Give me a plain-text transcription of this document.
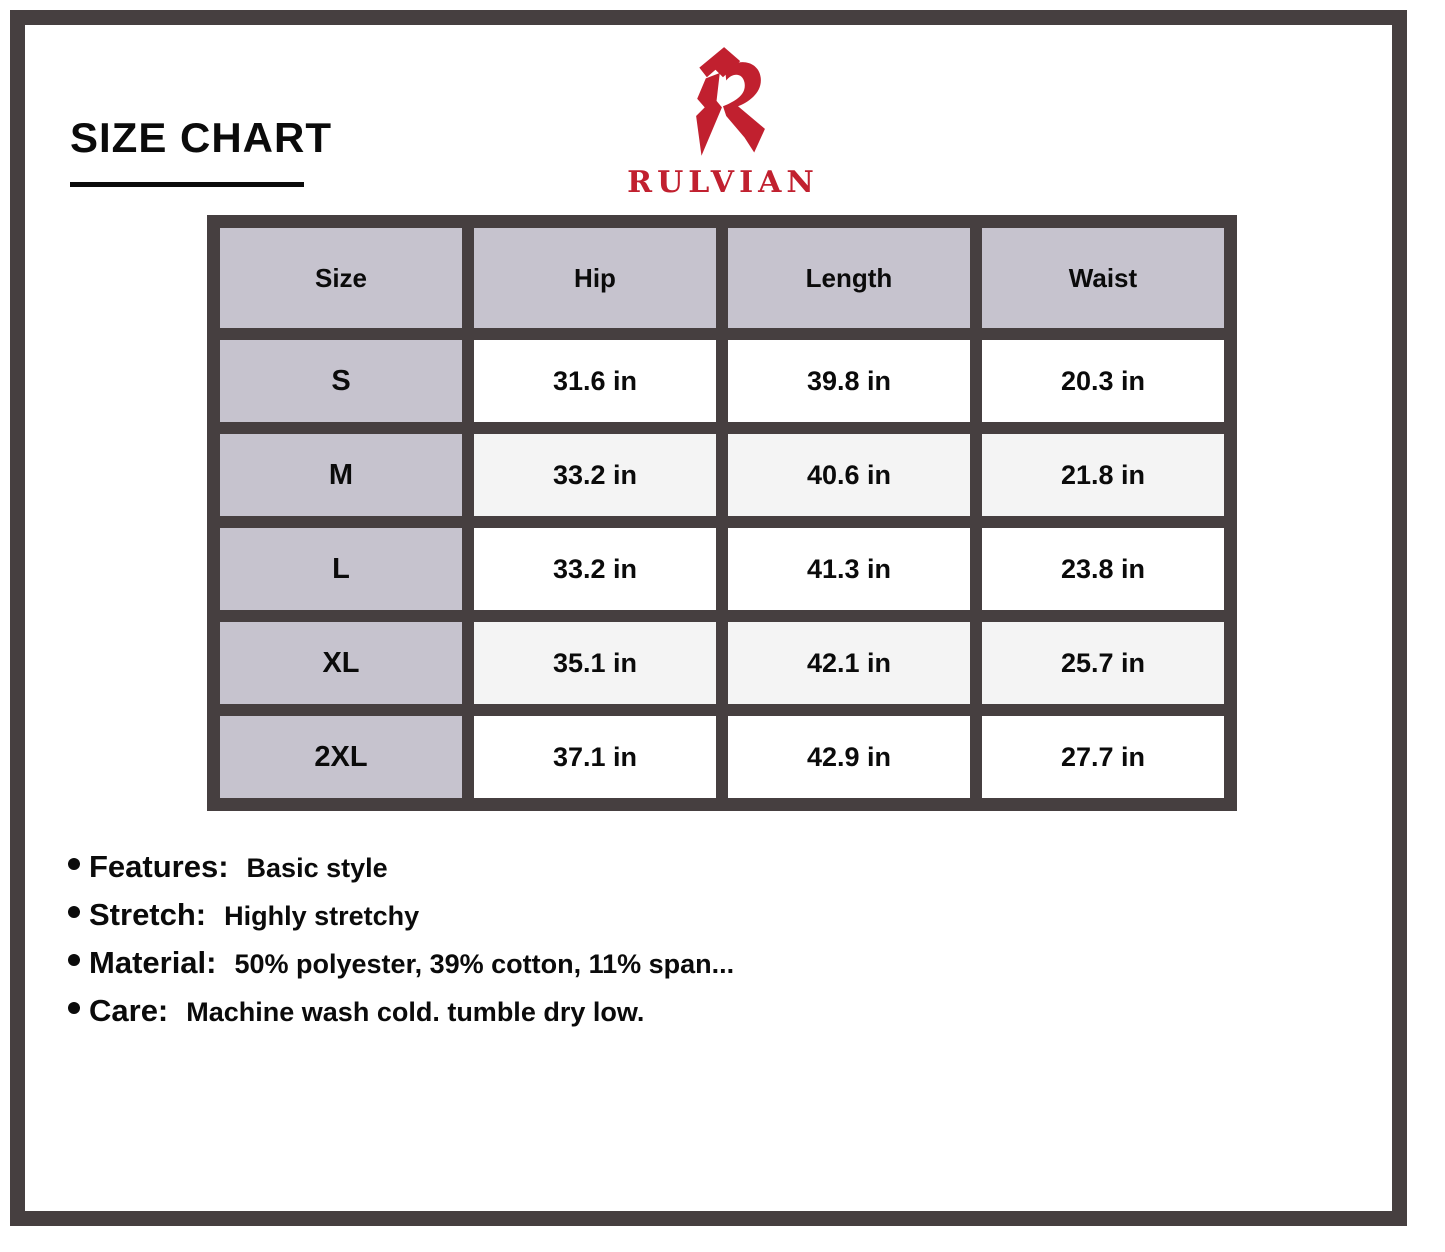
SIZE CHART
RULVIAN
Size	Hip	Length	Waist
S	31.6 in	39.8 in	20.3 in
M	33.2 in	40.6 in	21.8 in
L	33.2 in	41.3 in	23.8 in
XL	35.1 in	42.1 in	25.7 in
2XL	37.1 in	42.9 in	27.7 in
Features: Basic style
Stretch: Highly stretchy
Material: 50% polyester, 39% cotton, 11% span...
Care: Machine wash cold. tumble dry low.
